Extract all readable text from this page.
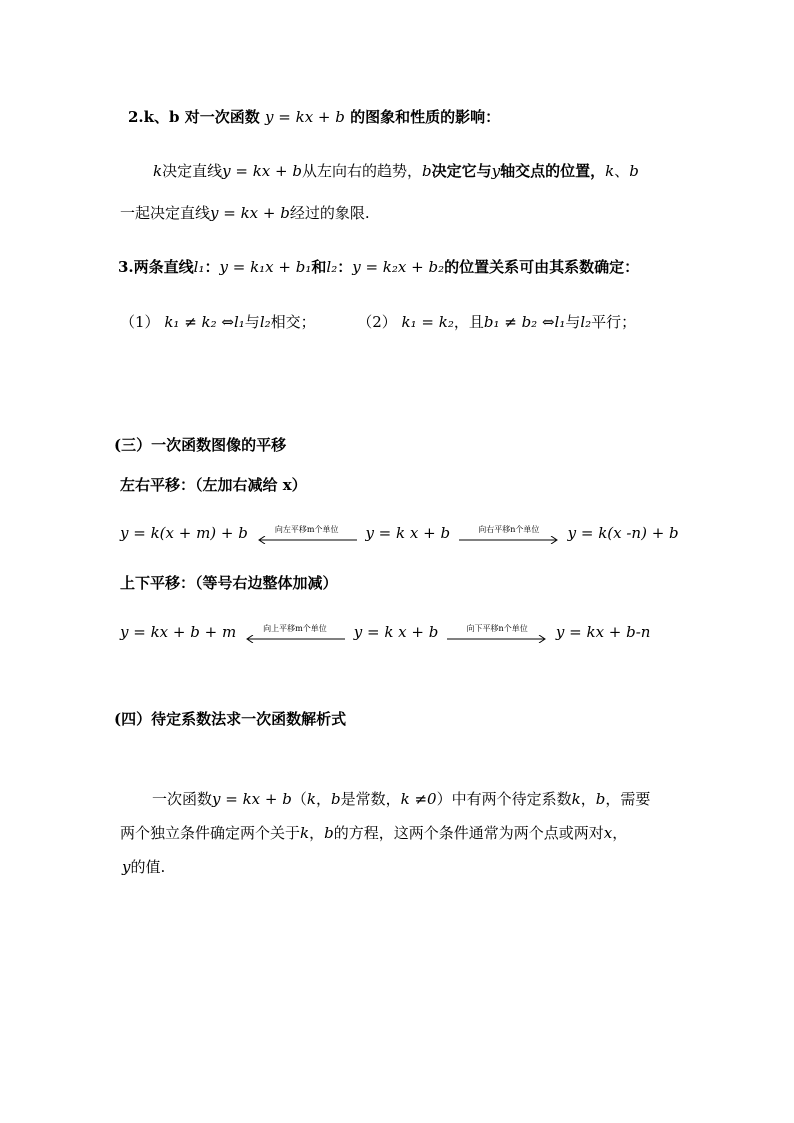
2.k、b 对一次函数 y = kx + b 的图象和性质的影响：
k决定直线y = kx + b从左向右的趋势，b决定它与y轴交点的位置，k、b
一起决定直线y = kx + b经过的象限.
3.两条直线l₁：y = k₁x + b₁和l₂：y = k₂x + b₂的位置关系可由其系数确定：
（1） k₁ ≠ k₂ ⇔l₁与l₂相交；	（2） k₁ = k₂，且b₁ ≠ b₂ ⇔l₁与l₂平行；
(三）一次函数图像的平移
左右平移：（左加右减给 x）
y = k(x + m) + b	向左平移m个单位	y = k x + b	向右平移n个单位	y = k(x -n) + b
上下平移：（等号右边整体加减）
y = kx + b + m	向上平移m个单位	y = k x + b	向下平移n个单位	y = kx + b-n
(四）待定系数法求一次函数解析式
一次函数y = kx + b（k，b是常数，k ≠0）中有两个待定系数k，b，需要
两个独立条件确定两个关于k，b的方程，这两个条件通常为两个点或两对x，
y的值.
